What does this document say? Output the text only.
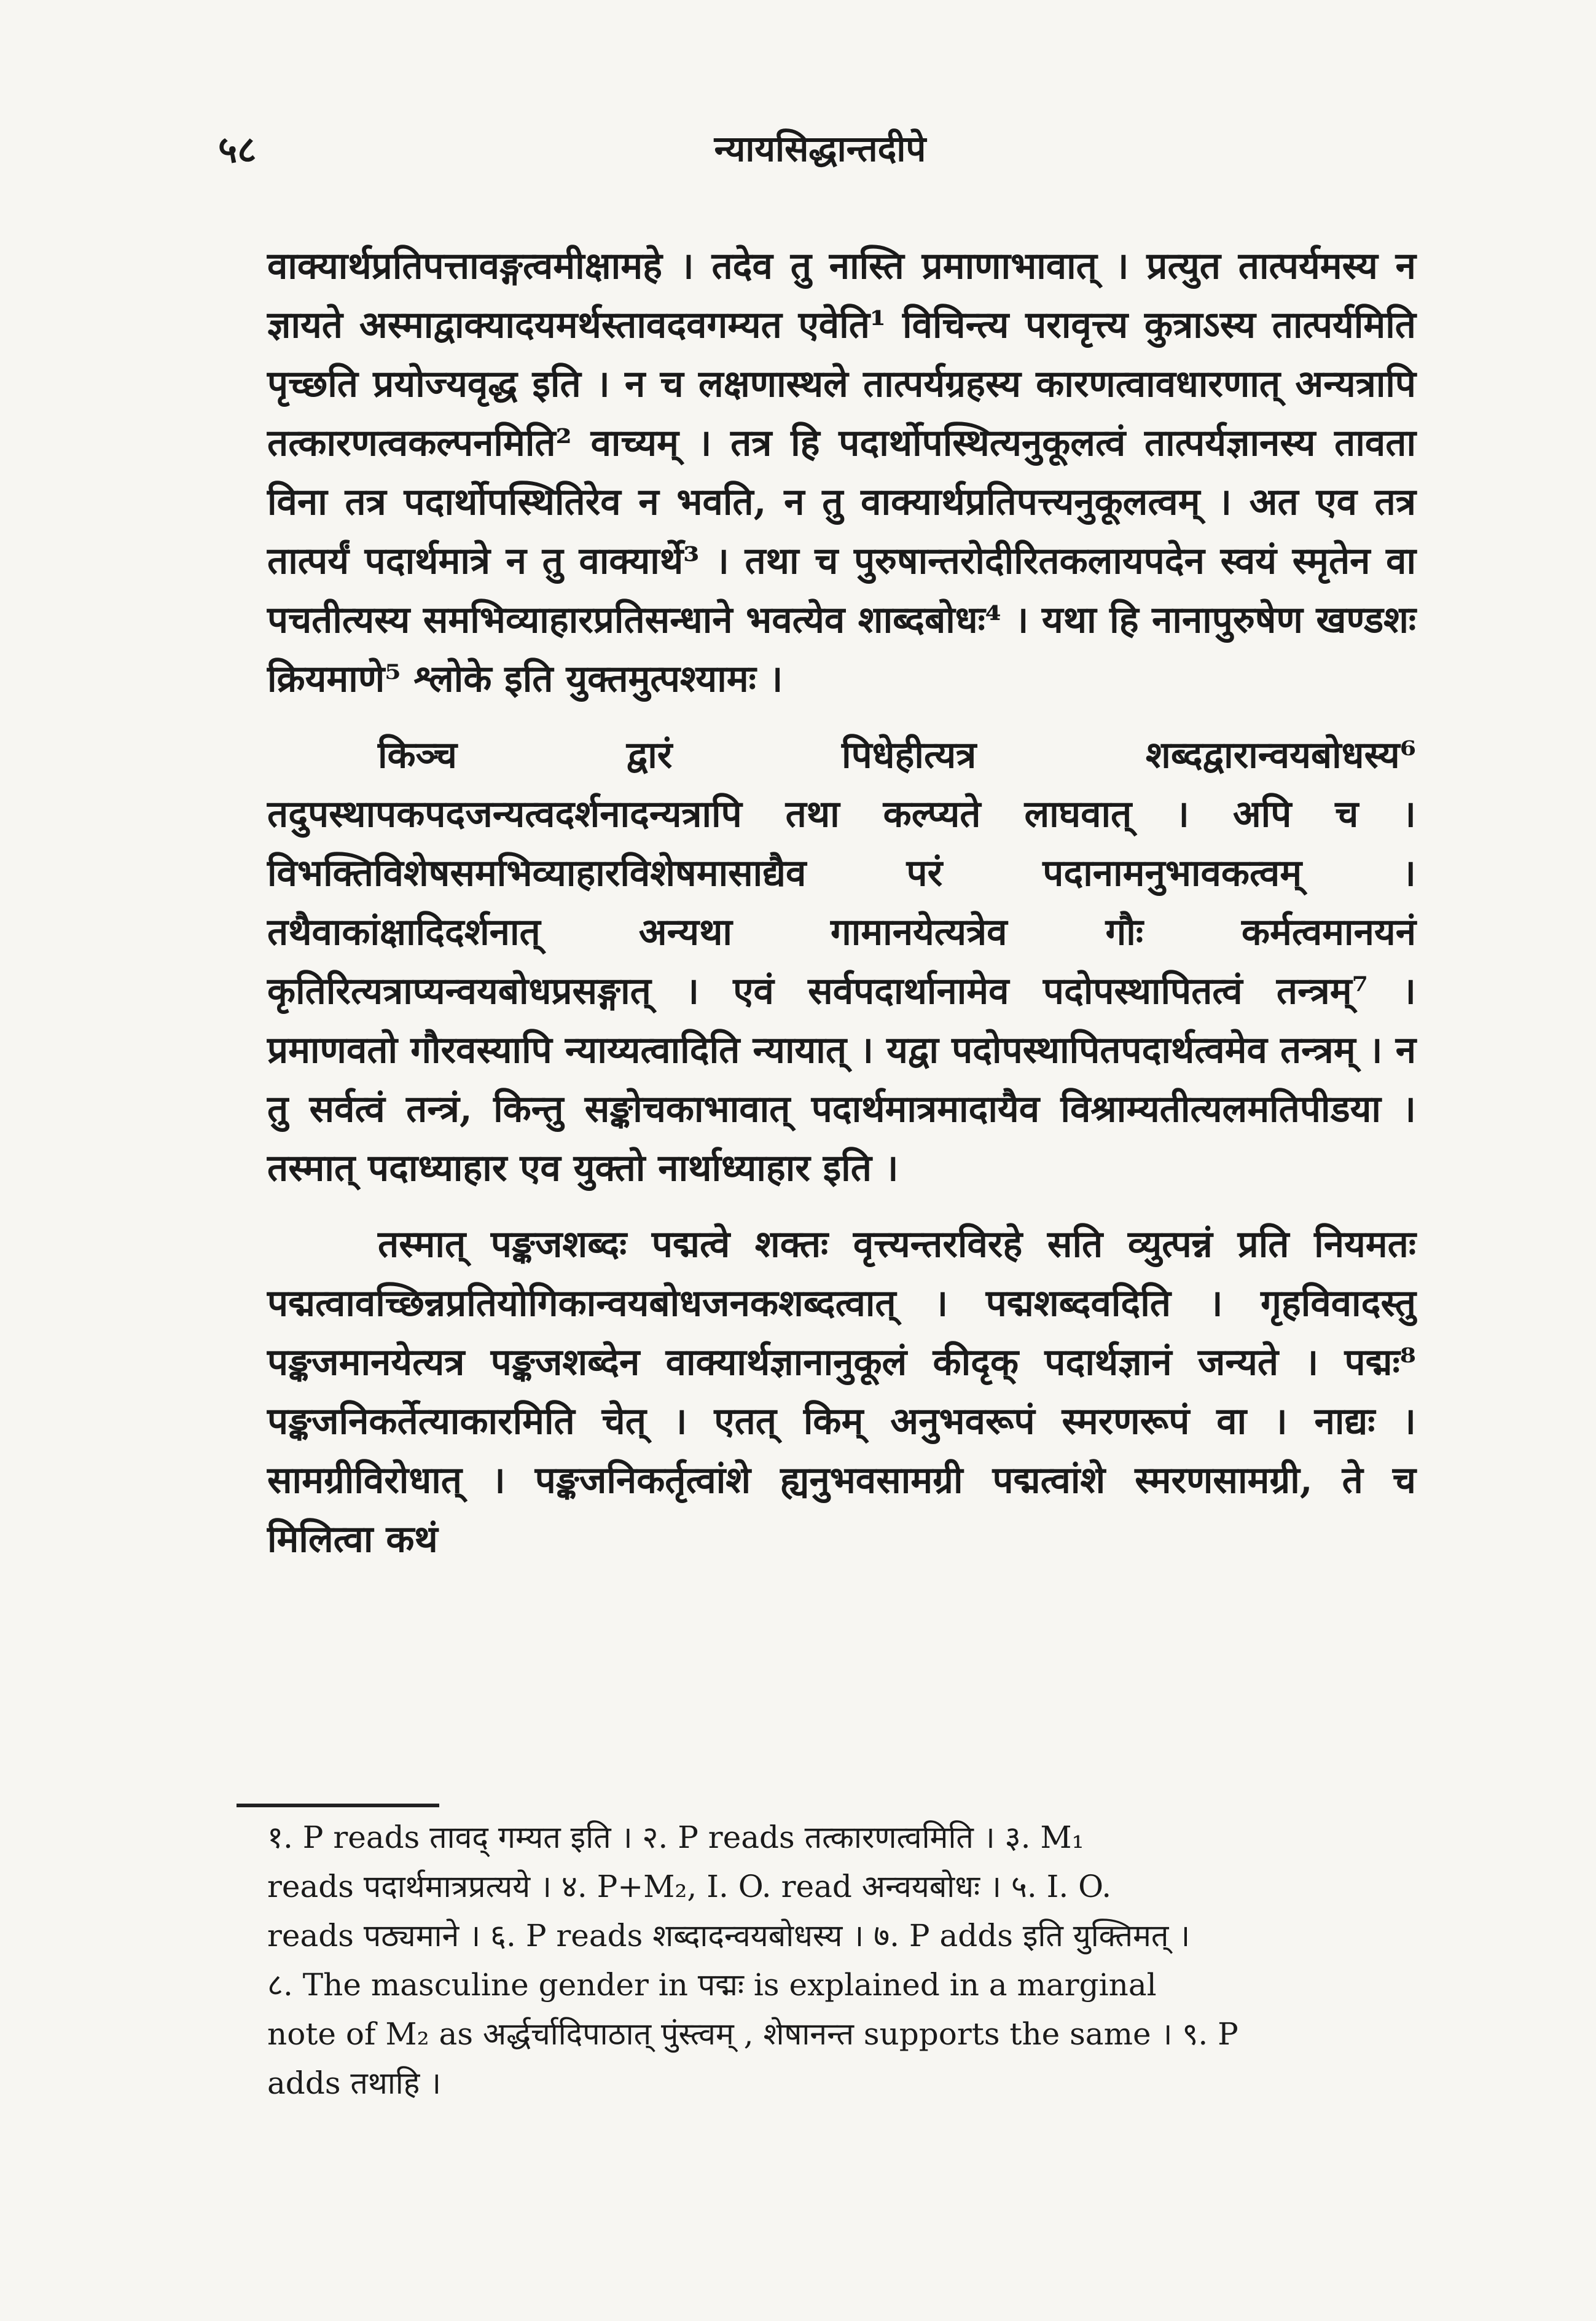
५८	न्यायसिद्धान्तदीपे

वाक्यार्थप्रतिपत्तावङ्गत्वमीक्षामहे । तदेव तु नास्ति प्रमाणाभावात् । प्रत्युत तात्पर्यमस्य न ज्ञायते अस्माद्वाक्यादयमर्थस्तावदवगम्यत एवेति¹ विचिन्त्य परावृत्त्य कुत्राऽस्य तात्पर्यमिति पृच्छति प्रयोज्यवृद्ध इति । न च लक्षणास्थले तात्पर्यग्रहस्य कारणत्वावधारणात् अन्यत्रापि तत्कारणत्वकल्पनमिति² वाच्यम् । तत्र हि पदार्थोपस्थित्यनुकूलत्वं तात्पर्यज्ञानस्य तावता विना तत्र पदार्थोपस्थितिरेव न भवति, न तु वाक्यार्थप्रतिपत्त्यनुकूलत्वम् । अत एव तत्र तात्पर्यं पदार्थमात्रे न तु वाक्यार्थे³ । तथा च पुरुषान्तरोदीरितकलायपदेन स्वयं स्मृतेन वा पचतीत्यस्य समभिव्याहारप्रतिसन्धाने भवत्येव शाब्दबोधः⁴ । यथा हि नानापुरुषेण खण्डशः क्रियमाणे⁵ श्लोके इति युक्तमुत्पश्यामः ।

किञ्च द्वारं पिधेहीत्यत्र शब्दद्वारान्वयबोधस्य⁶ तदुपस्थापकपदजन्यत्वदर्शनादन्यत्रापि तथा कल्प्यते लाघवात् । अपि च । विभक्तिविशेषसमभिव्याहारविशेषमासाद्यैव परं पदानामनुभावकत्वम् । तथैवाकांक्षादिदर्शनात् अन्यथा गामानयेत्यत्रेव गौः कर्मत्वमानयनं कृतिरित्यत्राप्यन्वयबोधप्रसङ्गात् । एवं सर्वपदार्थानामेव पदोपस्थापितत्वं तन्त्रम्⁷ । प्रमाणवतो गौरवस्यापि न्याय्यत्वादिति न्यायात् । यद्वा पदोपस्थापितपदार्थत्वमेव तन्त्रम् । न तु सर्वत्वं तन्त्रं, किन्तु सङ्कोचकाभावात् पदार्थमात्रमादायैव विश्राम्यतीत्यलमतिपीडया । तस्मात् पदाध्याहार एव युक्तो नार्थाध्याहार इति ।

तस्मात् पङ्कजशब्दः पद्मत्वे शक्तः वृत्त्यन्तरविरहे सति व्युत्पन्नं प्रति नियमतः पद्मत्वावच्छिन्नप्रतियोगिकान्वयबोधजनकशब्दत्वात् । पद्मशब्दवदिति । गृहविवादस्तु पङ्कजमानयेत्यत्र पङ्कजशब्देन वाक्यार्थज्ञानानुकूलं कीदृक् पदार्थज्ञानं जन्यते । पद्मः⁸ पङ्कजनिकर्तेत्याकारमिति चेत् । एतत् किम् अनुभवरूपं स्मरणरूपं वा । नाद्यः । सामग्रीविरोधात् । पङ्कजनिकर्तृत्वांशे ह्यनुभवसामग्री पद्मत्वांशे स्मरणसामग्री, ते च मिलित्वा कथं

१. P reads तावद् गम्यत इति । २. P reads तत्कारणत्वमिति । ३. M₁
reads पदार्थमात्रप्रत्यये । ४. P+M₂, I. O. read अन्वयबोधः । ५. I. O.
reads पठ्यमाने । ६. P reads शब्दादन्वयबोधस्य । ७. P adds इति युक्तिमत् ।
८. The masculine gender in पद्मः is explained in a marginal
note of M₂ as अर्द्धर्चादिपाठात् पुंस्त्वम् , शेषानन्त supports the same । ९. P
adds तथाहि ।
